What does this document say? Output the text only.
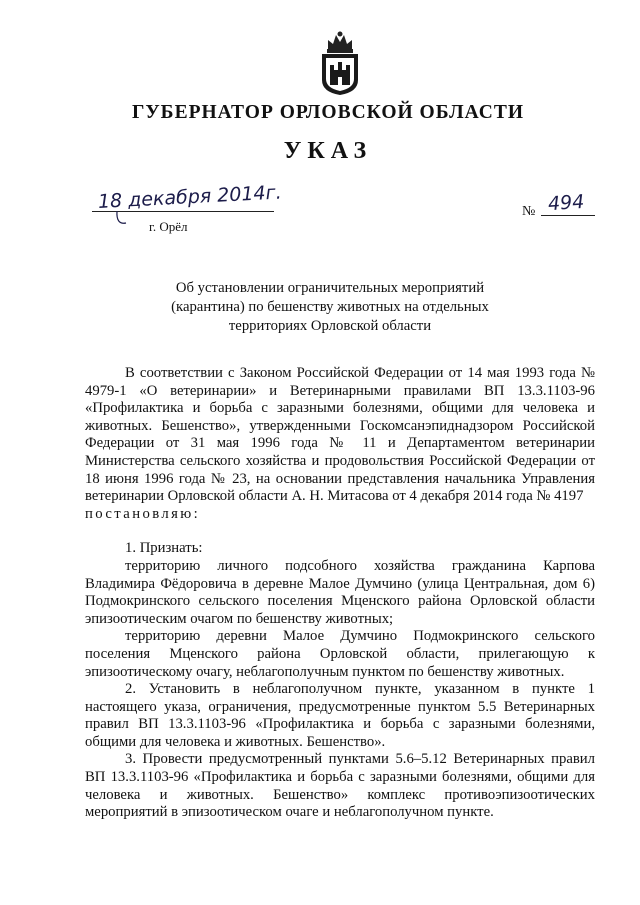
ГУБЕРНАТОР ОРЛОВСКОЙ ОБЛАСТИ
УКАЗ
18 декабря 2014г.
г. Орёл
№ 494
Об установлении ограничительных мероприятий
(карантина) по бешенству животных на отдельных
территориях Орловской области

В соответствии с Законом Российской Федерации от 14 мая 1993 года № 4979-1 «О ветеринарии» и Ветеринарными правилами ВП 13.3.1103-96 «Профилактика и борьба с заразными болезнями, общими для человека и животных. Бешенство», утвержденными Госкомсанэпиднадзором Российской Федерации от 31 мая 1996 года № 11 и Департаментом ветеринарии Министерства сельского хозяйства и продовольствия Российской Федерации от 18 июня 1996 года № 23, на основании представления начальника Управления ветеринарии Орловской области А. Н. Митасова от 4 декабря 2014 года № 4197

постановляю:

1. Признать:

территорию личного подсобного хозяйства гражданина Карпова Владимира Фёдоровича в деревне Малое Думчино (улица Центральная, дом 6) Подмокринского сельского поселения Мценского района Орловской области эпизоотическим очагом по бешенству животных;

территорию деревни Малое Думчино Подмокринского сельского поселения Мценского района Орловской области, прилегающую к эпизоотическому очагу, неблагополучным пунктом по бешенству животных.

2. Установить в неблагополучном пункте, указанном в пункте 1 настоящего указа, ограничения, предусмотренные пунктом 5.5 Ветеринарных правил ВП 13.3.1103-96 «Профилактика и борьба с заразными болезнями, общими для человека и животных. Бешенство».

3. Провести предусмотренный пунктами 5.6–5.12 Ветеринарных правил ВП 13.3.1103-96 «Профилактика и борьба с заразными болезнями, общими для человека и животных. Бешенство» комплекс противоэпизоотических мероприятий в эпизоотическом очаге и неблагополучном пункте.
